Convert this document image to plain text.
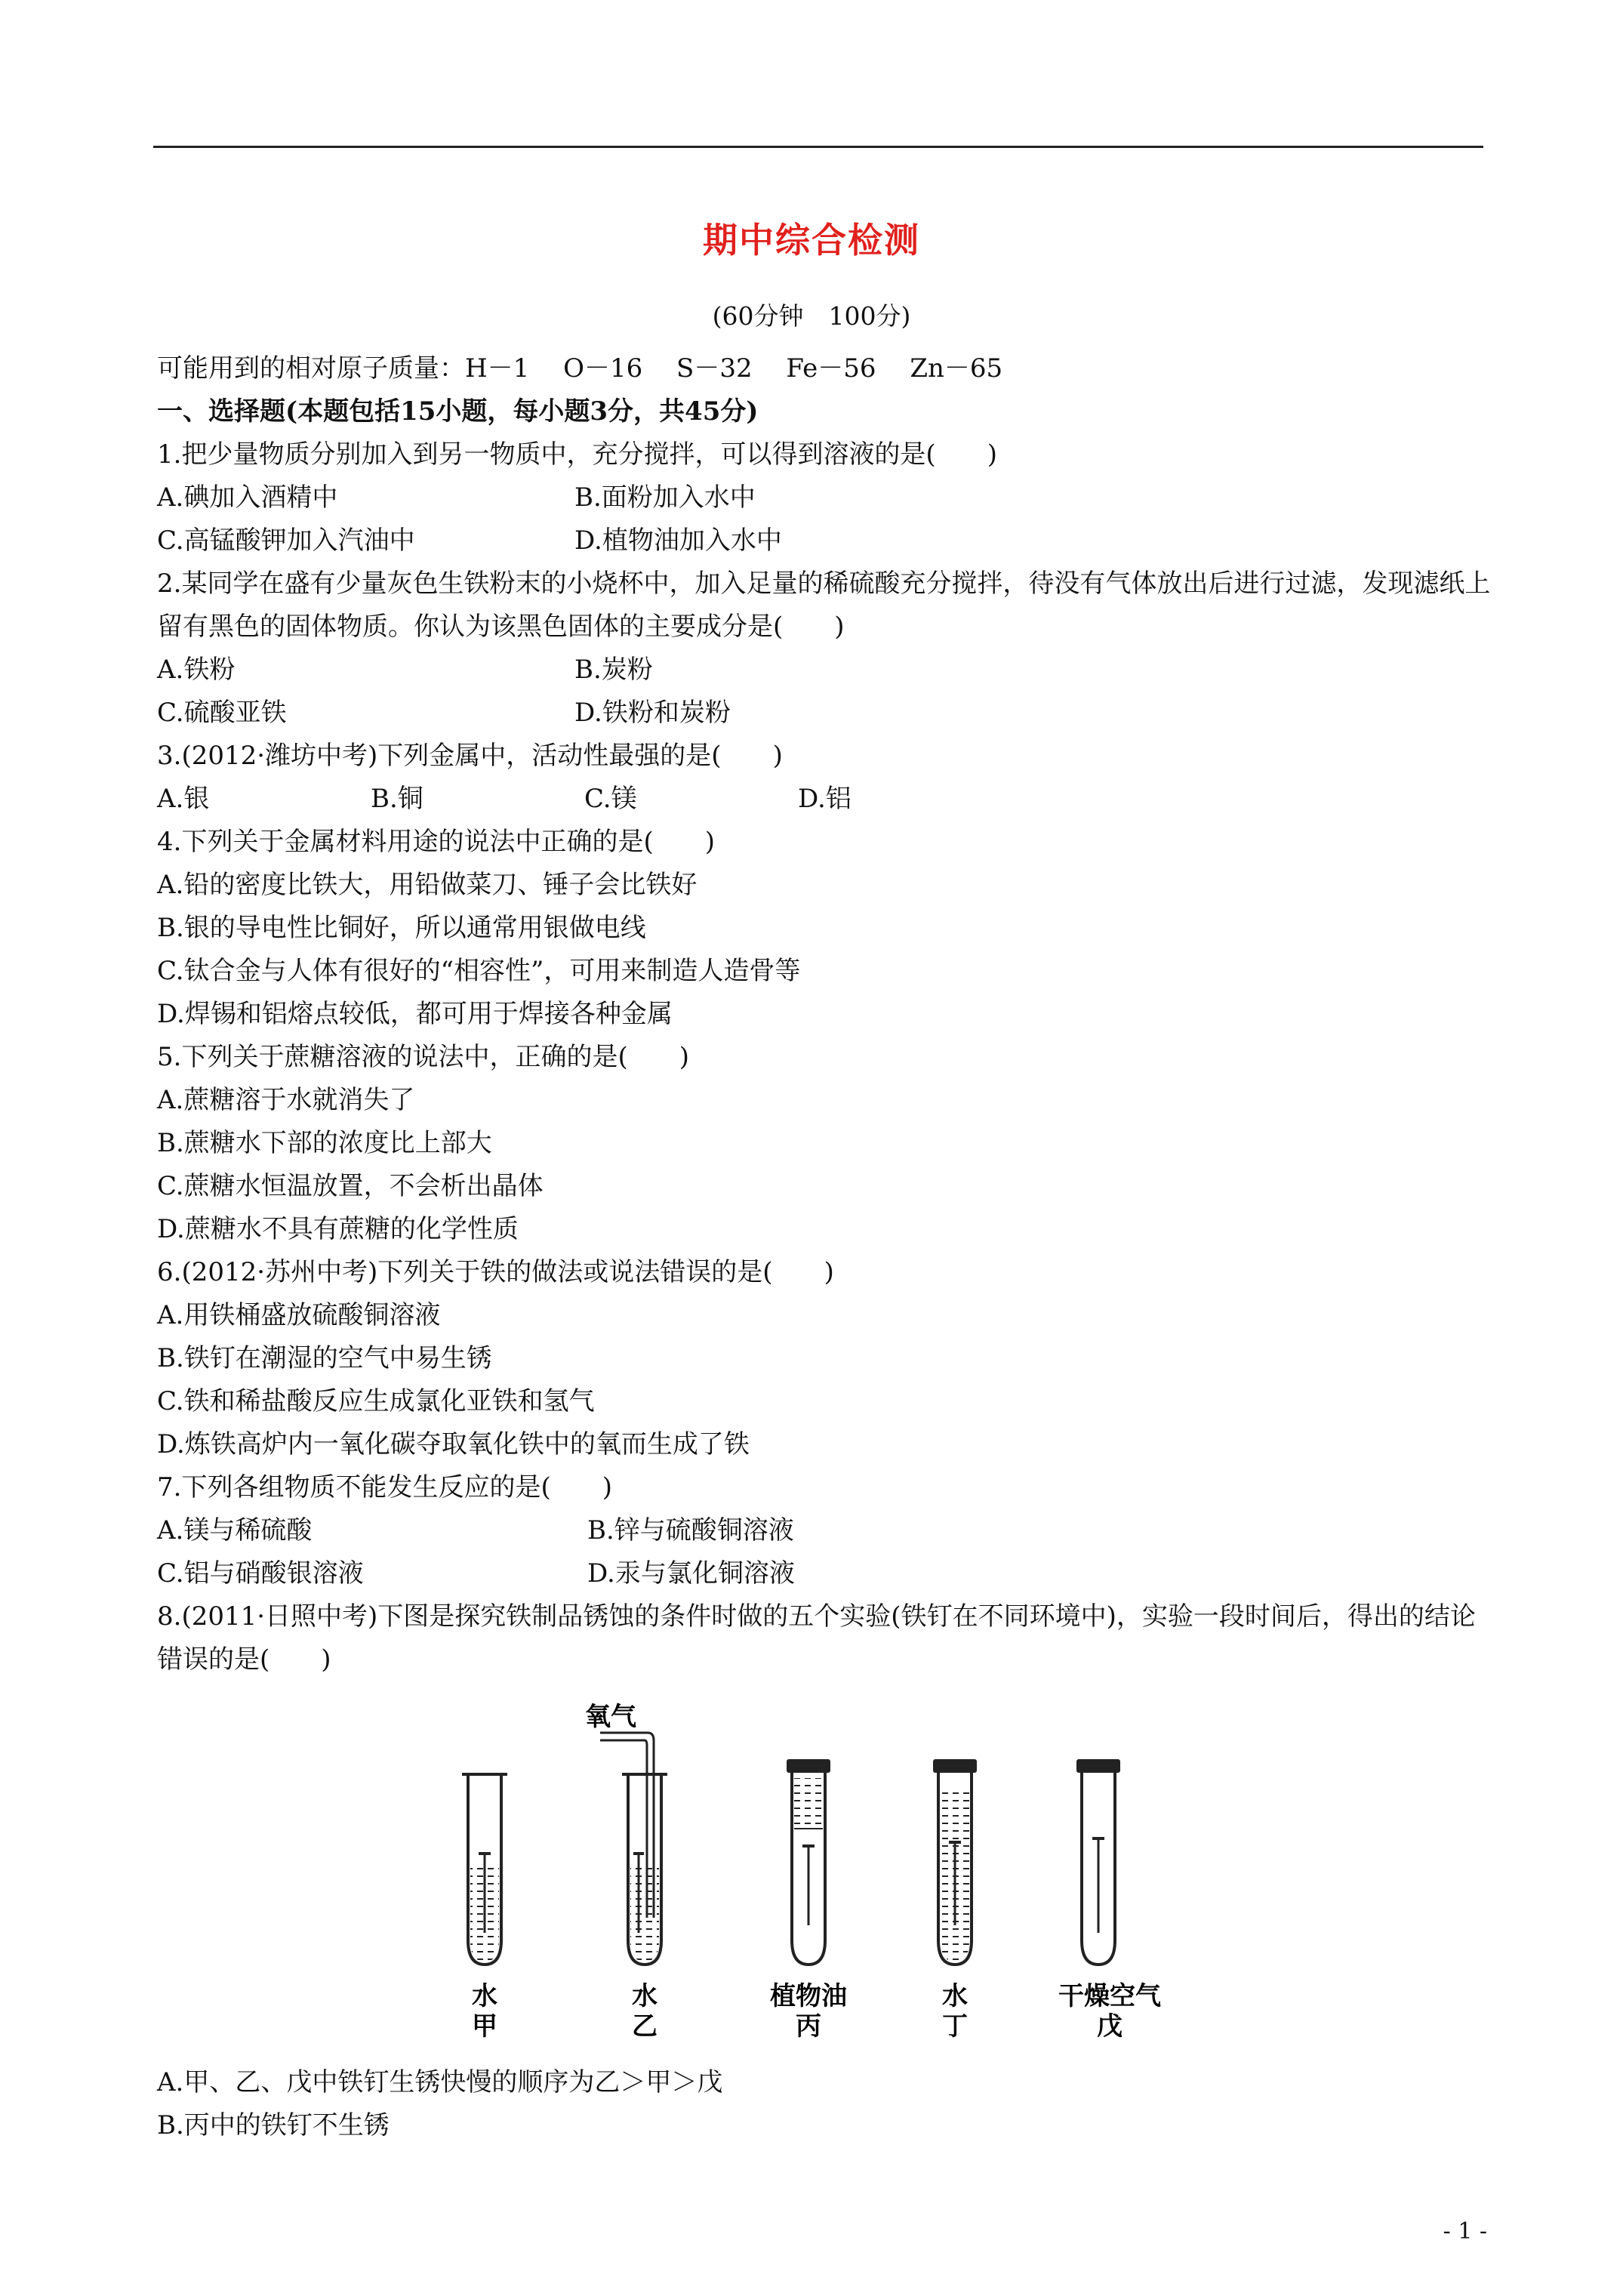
期中综合检测
(60分钟　100分)
可能用到的相对原子质量：H－1　 O－16　 S－32　 Fe－56　 Zn－65
一、选择题(本题包括15小题，每小题3分，共45分)
1.把少量物质分别加入到另一物质中，充分搅拌，可以得到溶液的是(　　)
A.碘加入酒精中	B.面粉加入水中
C.高锰酸钾加入汽油中	D.植物油加入水中
2.某同学在盛有少量灰色生铁粉末的小烧杯中，加入足量的稀硫酸充分搅拌，待没有气体放出后进行过滤，发现滤纸上留有黑色的固体物质。你认为该黑色固体的主要成分是(　　)
A.铁粉	B.炭粉
C.硫酸亚铁	D.铁粉和炭粉
3.(2012·潍坊中考)下列金属中，活动性最强的是(　　)
A.银	B.铜	C.镁	D.铝
4.下列关于金属材料用途的说法中正确的是(　　)
A.铅的密度比铁大，用铅做菜刀、锤子会比铁好
B.银的导电性比铜好，所以通常用银做电线
C.钛合金与人体有很好的“相容性”，可用来制造人造骨等
D.焊锡和铝熔点较低，都可用于焊接各种金属
5.下列关于蔗糖溶液的说法中，正确的是(　　)
A.蔗糖溶于水就消失了
B.蔗糖水下部的浓度比上部大
C.蔗糖水恒温放置，不会析出晶体
D.蔗糖水不具有蔗糖的化学性质
6.(2012·苏州中考)下列关于铁的做法或说法错误的是(　　)
A.用铁桶盛放硫酸铜溶液
B.铁钉在潮湿的空气中易生锈
C.铁和稀盐酸反应生成氯化亚铁和氢气
D.炼铁高炉内一氧化碳夺取氧化铁中的氧而生成了铁
7.下列各组物质不能发生反应的是(　　)
A.镁与稀硫酸	B.锌与硫酸铜溶液
C.铝与硝酸银溶液	D.汞与氯化铜溶液
8.(2011·日照中考)下图是探究铁制品锈蚀的条件时做的五个实验(铁钉在不同环境中)，实验一段时间后，得出的结论错误的是(　　)
氧气
水
甲
水
乙
植物油
丙
水
丁
干燥空气
戊
A.甲、乙、戊中铁钉生锈快慢的顺序为乙＞甲＞戊
B.丙中的铁钉不生锈
- 1 -
